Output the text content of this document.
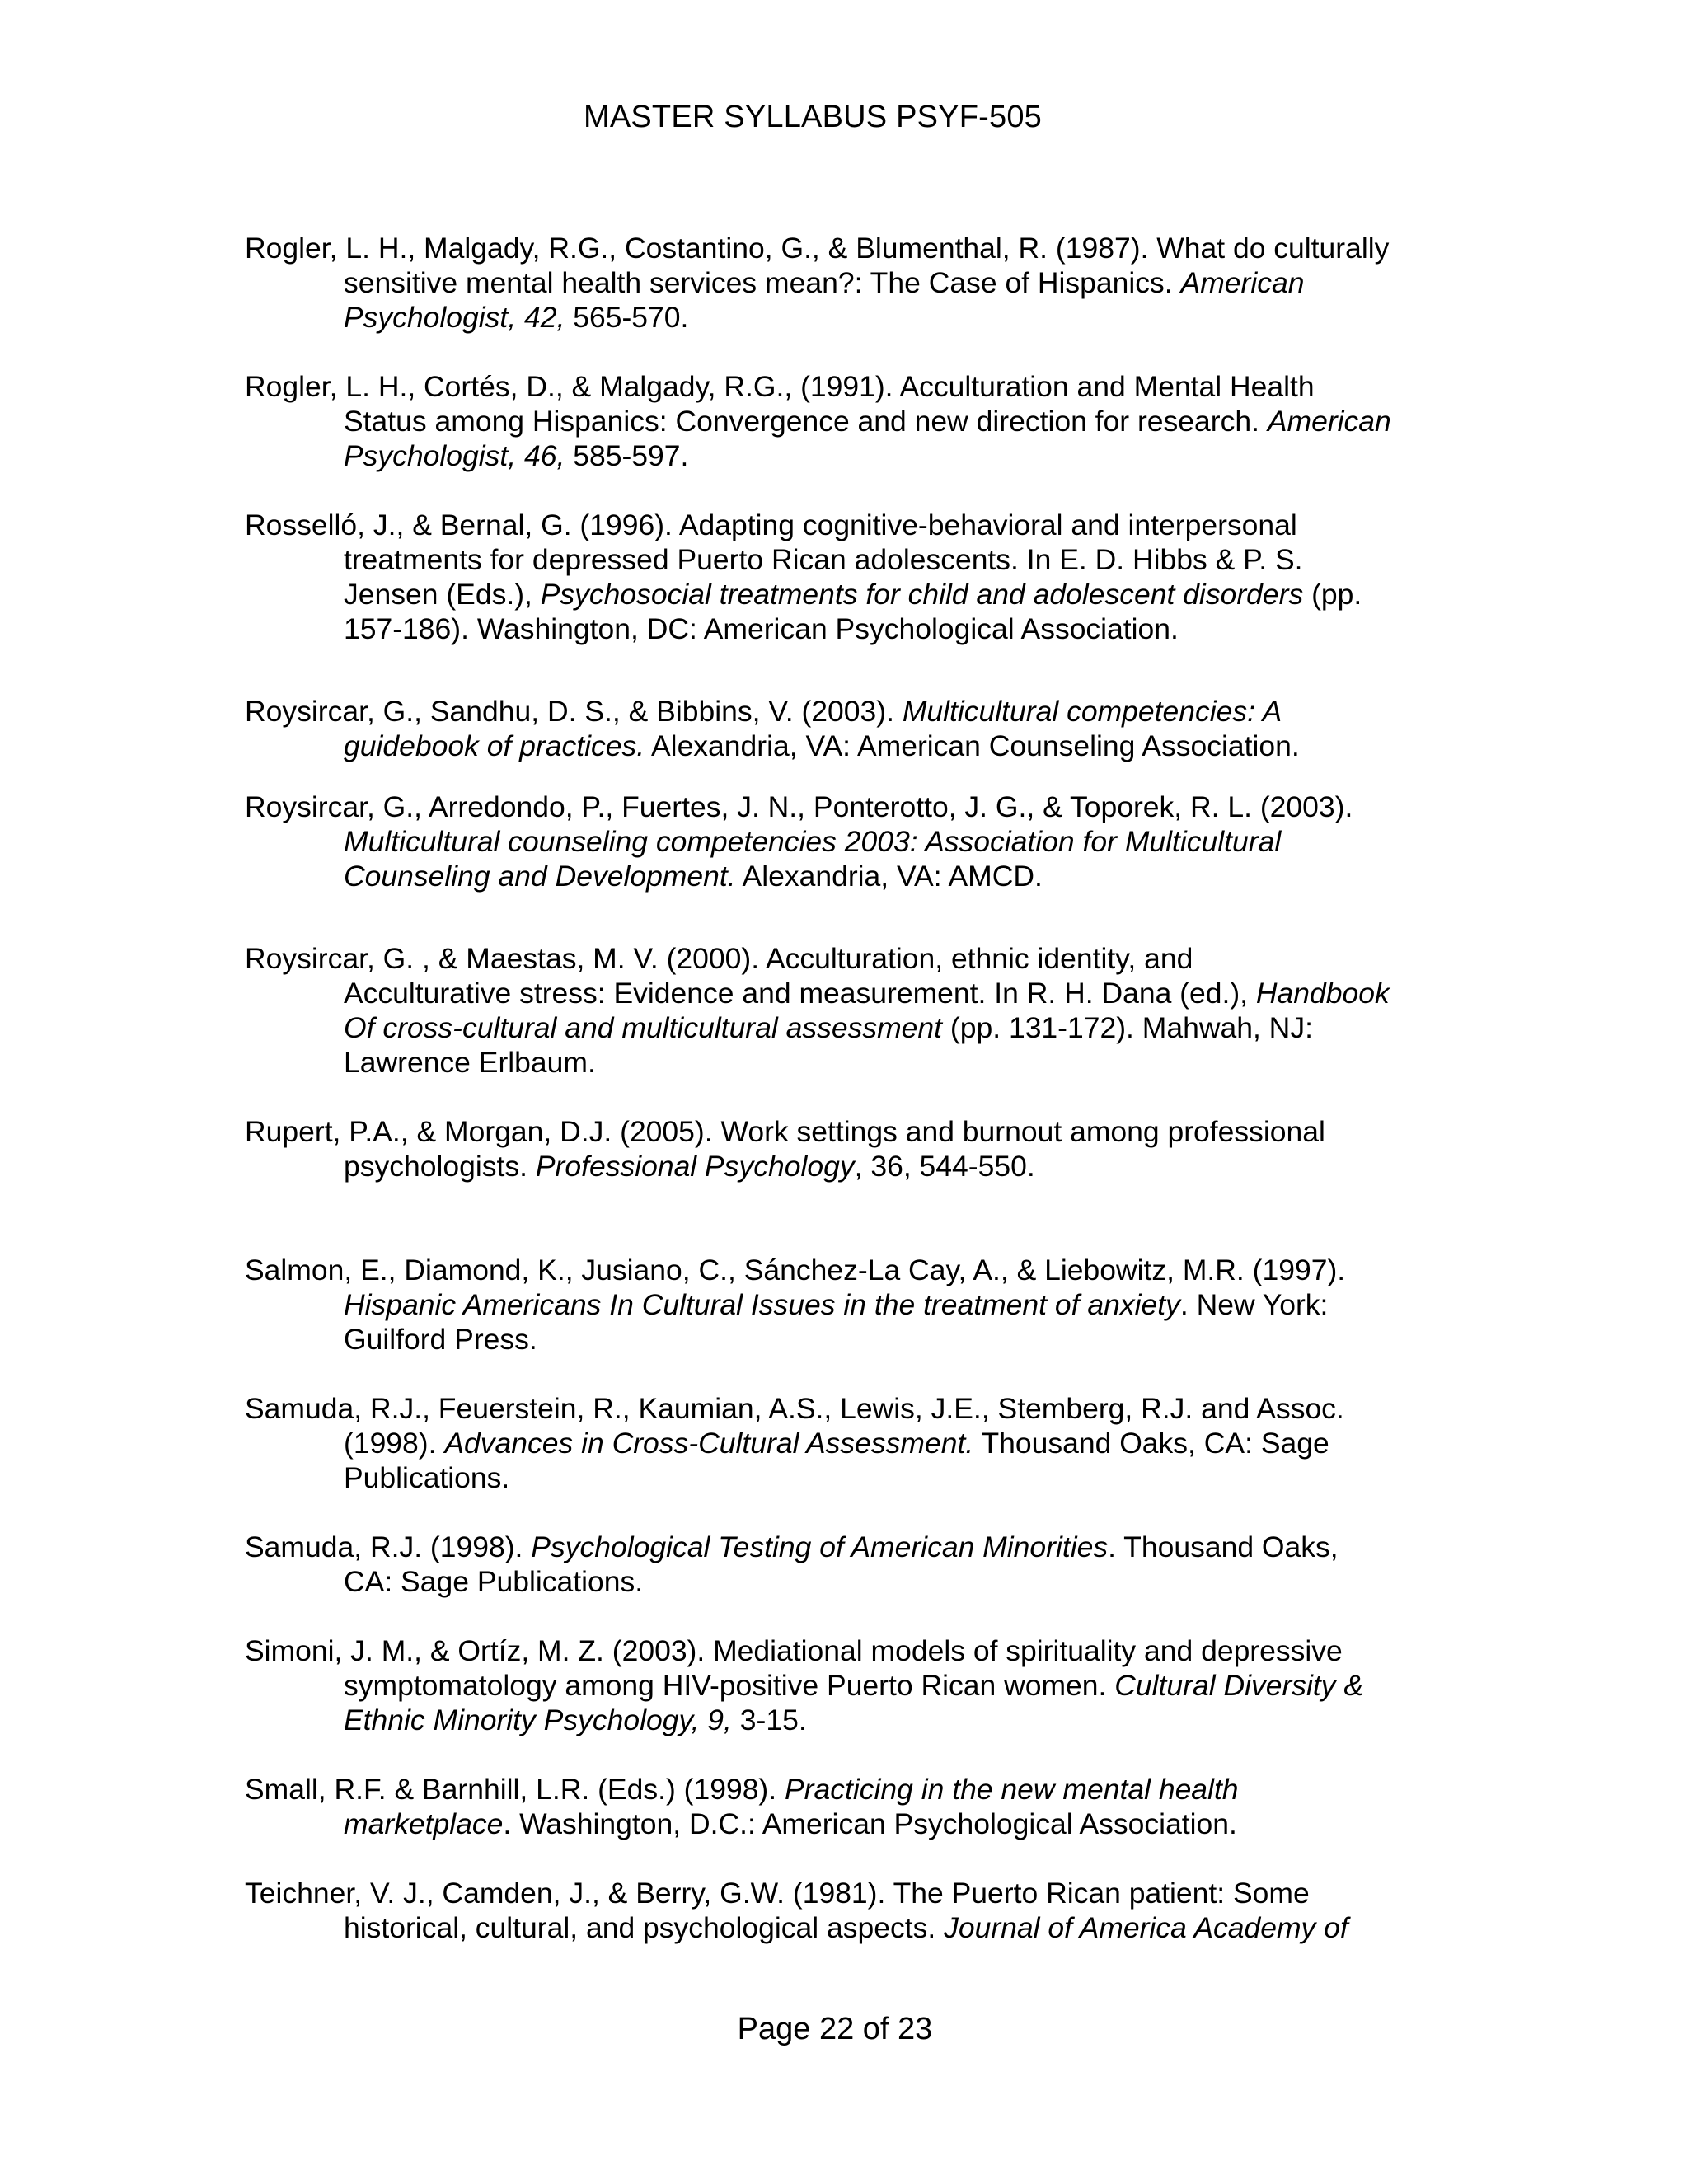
MASTER SYLLABUS PSYF-505
Rogler, L. H., Malgady, R.G., Costantino, G., & Blumenthal, R. (1987). What do culturally
sensitive mental health services mean?: The Case of Hispanics. American
Psychologist, 42, 565-570.
Rogler, L. H., Cortés, D., & Malgady, R.G., (1991). Acculturation and Mental Health
Status among Hispanics: Convergence and new direction for research. American
Psychologist, 46, 585-597.
Rosselló, J., & Bernal, G. (1996). Adapting cognitive-behavioral and interpersonal
treatments for depressed Puerto Rican adolescents. In E. D. Hibbs & P. S.
Jensen (Eds.), Psychosocial treatments for child and adolescent disorders (pp.
157-186). Washington, DC: American Psychological Association.
Roysircar, G., Sandhu, D. S., & Bibbins, V. (2003). Multicultural competencies: A
guidebook of practices. Alexandria, VA: American Counseling Association.
Roysircar, G., Arredondo, P., Fuertes, J. N., Ponterotto, J. G., & Toporek, R. L. (2003).
Multicultural counseling competencies 2003: Association for Multicultural
Counseling and Development. Alexandria, VA: AMCD.
Roysircar, G. , & Maestas, M. V. (2000). Acculturation, ethnic identity, and
Acculturative stress: Evidence and measurement. In R. H. Dana (ed.), Handbook
Of cross-cultural and multicultural assessment (pp. 131-172). Mahwah, NJ:
Lawrence Erlbaum.
Rupert, P.A., & Morgan, D.J. (2005). Work settings and burnout among professional
psychologists. Professional Psychology, 36, 544-550.
Salmon, E., Diamond, K., Jusiano, C., Sánchez-La Cay, A., & Liebowitz, M.R. (1997).
Hispanic Americans In Cultural Issues in the treatment of anxiety. New York:
Guilford Press.
Samuda, R.J., Feuerstein, R., Kaumian, A.S., Lewis, J.E., Stemberg, R.J. and Assoc.
(1998). Advances in Cross-Cultural Assessment. Thousand Oaks, CA: Sage
Publications.
Samuda, R.J. (1998). Psychological Testing of American Minorities. Thousand Oaks,
CA: Sage Publications.
Simoni, J. M., & Ortíz, M. Z. (2003). Mediational models of spirituality and depressive
symptomatology among HIV-positive Puerto Rican women. Cultural Diversity &
Ethnic Minority Psychology, 9, 3-15.
Small, R.F. & Barnhill, L.R. (Eds.) (1998). Practicing in the new mental health
marketplace. Washington, D.C.: American Psychological Association.
Teichner, V. J., Camden, J., & Berry, G.W. (1981). The Puerto Rican patient: Some
historical, cultural, and psychological aspects. Journal of America Academy of
Page 22 of 23
